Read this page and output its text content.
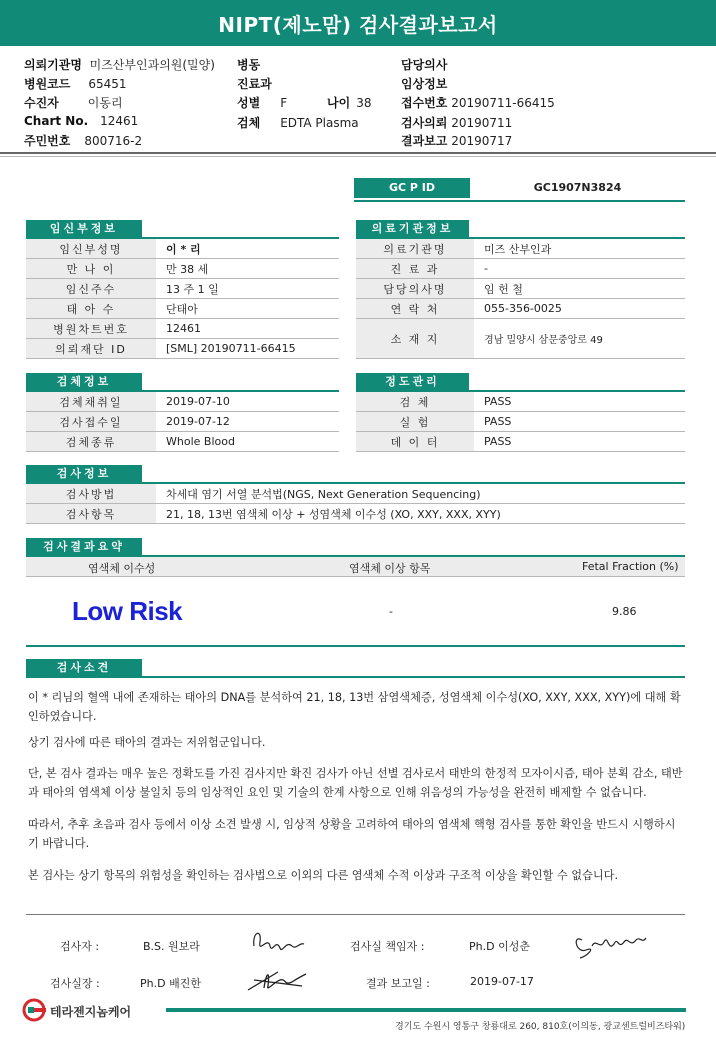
NIPT(제노맘) 검사결과보고서
의뢰기관명 미즈산부인과의원(밀양) 병동	담당의사
병원코드 65451	진료과	임상정보
수진자 이동리	성별 F	나이 38 접수번호 20190711-66415
Chart No. 12461	검체 EDTA Plasma	검사의뢰 20190711
주민번호 800716-2	결과보고 20190717
GC P ID	GC1907N3824
임신부정보
임신부성명	이 * 리
만 나 이	만 38 세
임신주수	13 주 1 일
태 아 수	단태아
병원차트번호	12461
의뢰재단 ID	[SML] 20190711-66415
의료기관정보
의료기관명	미즈 산부인과
진 료 과	-
담당의사명	임 헌 철
연 락 처	055-356-0025
소 재 지	경남 밀양시 삼문중앙로 49
검체정보
검체채취일	2019-07-10
검사접수일	2019-07-12
검체종류	Whole Blood
정도관리
검 체	PASS
실 험	PASS
데 이 터	PASS
검사정보
검사방법	차세대 염기 서열 분석법(NGS, Next Generation Sequencing)
검사항목	21, 18, 13번 염색체 이상 + 성염색체 이수성 (XO, XXY, XXX, XYY)
검사결과요약
염색체 이수성	염색체 이상 항목	Fetal Fraction (%)
Low Risk	-	9.86
검사소견
이 * 리님의 혈액 내에 존재하는 태아의 DNA를 분석하여 21, 18, 13번 삼염색체증, 성염색체 이수성(XO, XXY, XXX, XYY)에 대해 확인하였습니다.
상기 검사에 따른 태아의 결과는 저위험군입니다.
단, 본 검사 결과는 매우 높은 정확도를 가진 검사지만 확진 검사가 아닌 선별 검사로서 태반의 한정적 모자이시즘, 태아 분획 감소, 태반과 태아의 염색체 이상 불일치 등의 임상적인 요인 및 기술의 한계 사항으로 인해 위음성의 가능성을 완전히 배제할 수 없습니다.
따라서, 추후 초음파 검사 등에서 이상 소견 발생 시, 임상적 상황을 고려하여 태아의 염색체 핵형 검사를 통한 확인을 반드시 시행하시기 바랍니다.
본 검사는 상기 항목의 위험성을 확인하는 검사법으로 이외의 다른 염색체 수적 이상과 구조적 이상을 확인할 수 없습니다.
검사자 :	B.S. 원보라	검사실 책임자 :	Ph.D 이성춘
검사실장 :	Ph.D 배진한	결과 보고일 :	2019-07-17
테라젠지놈케어
경기도 수원시 영통구 창룡대로 260, 810호(이의동, 광교센트럴비즈타워)
